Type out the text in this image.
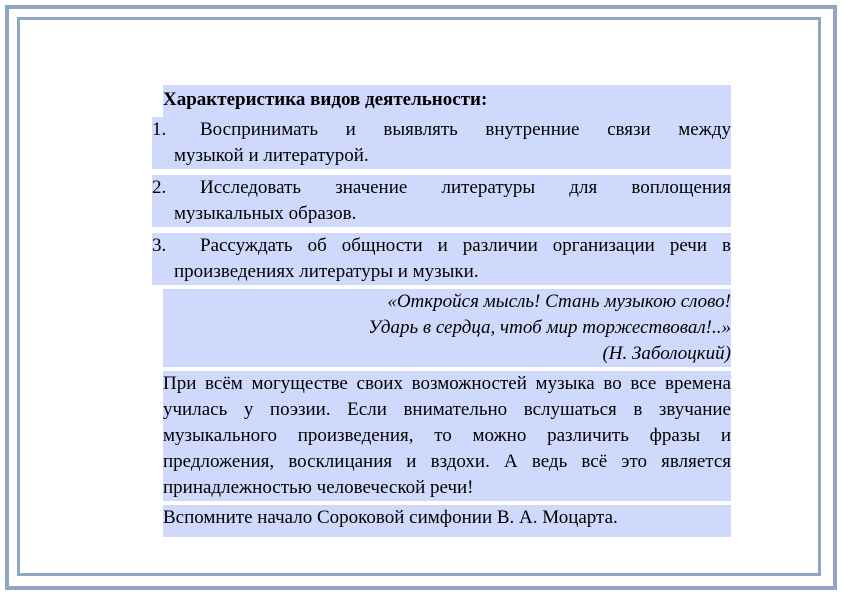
Характеристика видов деятельности:
1.	Воспринимать и выявлять внутренние связи между
музыкой и литературой.
2.	Исследовать значение литературы для воплощения
музыкальных образов.
3.	Рассуждать об общности и различии организации речи в
произведениях литературы и музыки.
«Откройся мысль! Стань музыкою слово!
Ударь в сердца, чтоб мир торжествовал!..»
(Н. Заболоцкий)
При всём могуществе своих возможностей музыка во все времена училась у поэзии. Если внимательно вслушаться в звучание музыкального произведения, то можно различить фразы и предложения, восклицания и вздохи. А ведь всё это является принадлежностью человеческой речи!
Вспомните начало Сороковой симфонии В. А. Моцарта.
